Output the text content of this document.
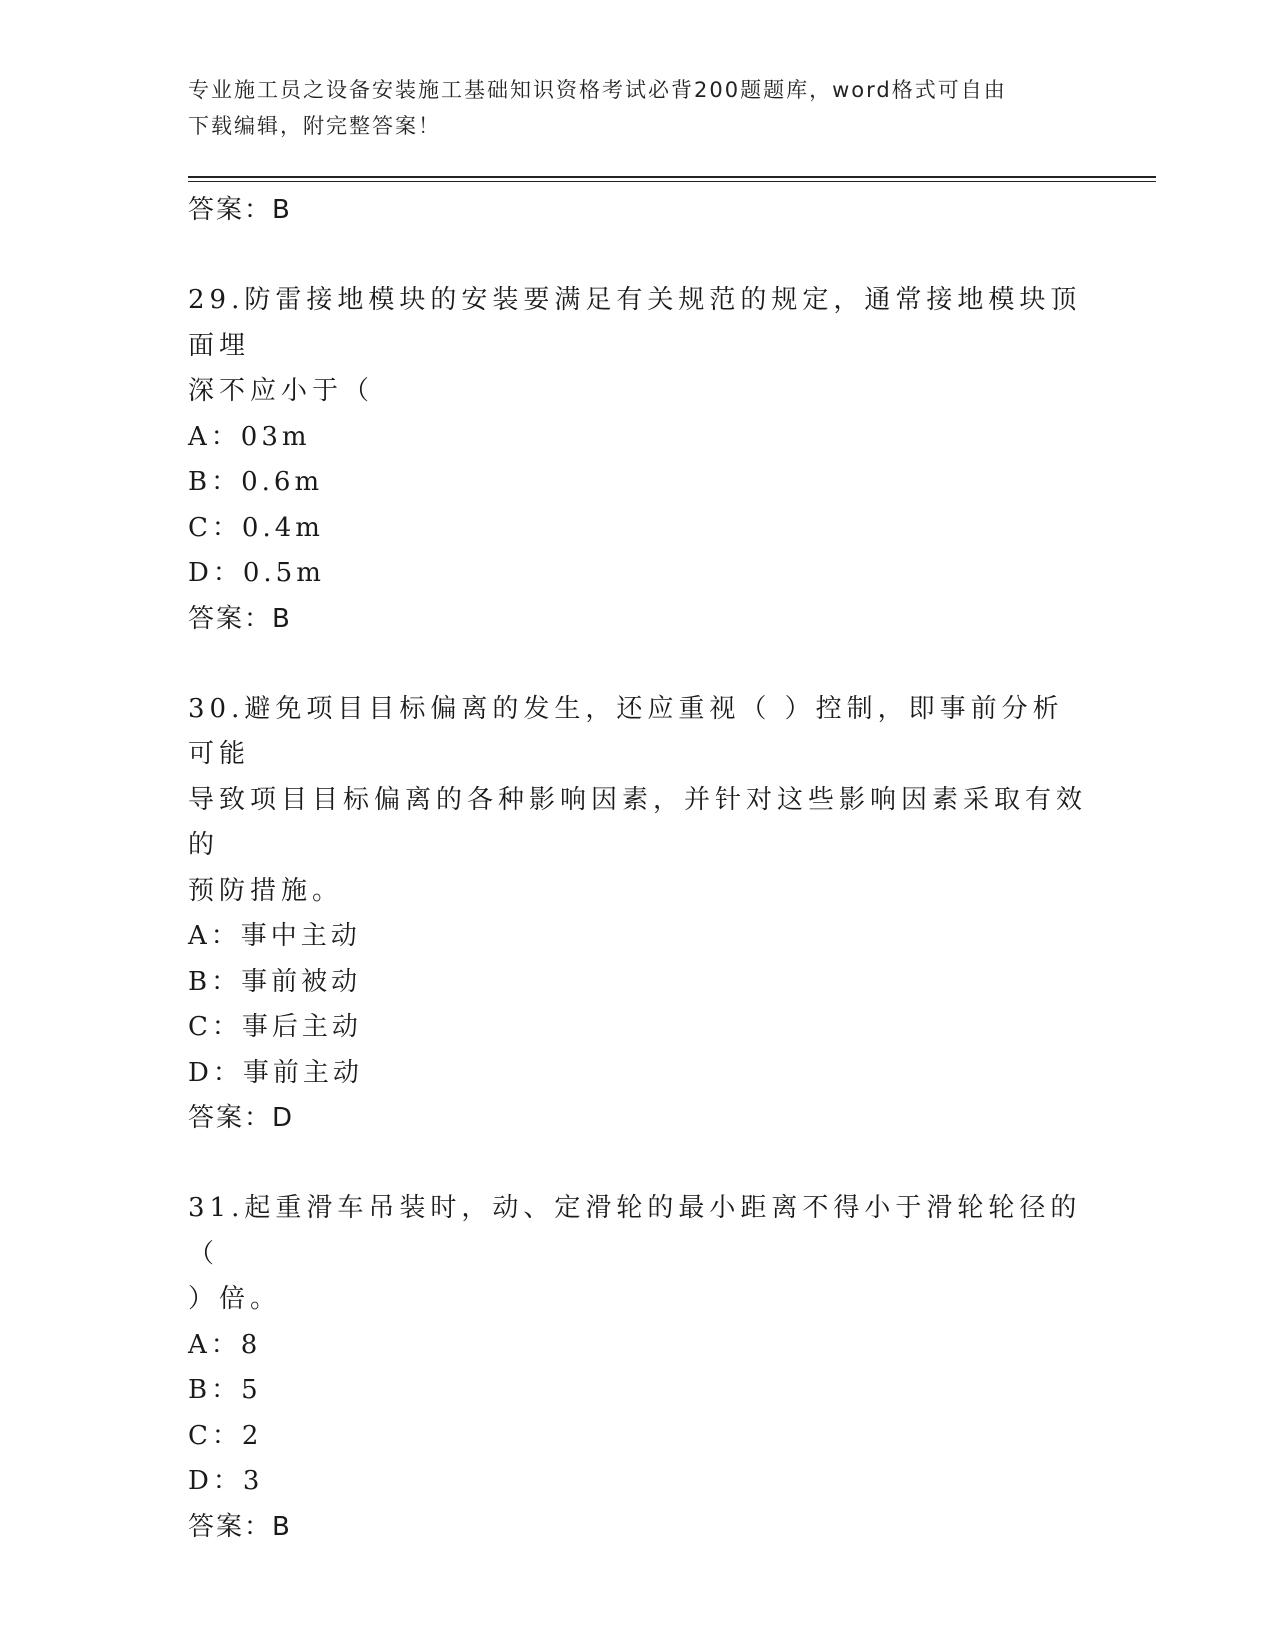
专业施工员之设备安装施工基础知识资格考试必背200题题库，word格式可自由
下载编辑，附完整答案！
答案：B
29.防雷接地模块的安装要满足有关规范的规定，通常接地模块顶面埋
深不应小于（
A：03m
B：0.6m
C：0.4m
D：0.5m
答案：B
30.避免项目目标偏离的发生，还应重视（ ）控制，即事前分析可能
导致项目目标偏离的各种影响因素，并针对这些影响因素采取有效的
预防措施。
A：事中主动
B：事前被动
C：事后主动
D：事前主动
答案：D
31.起重滑车吊装时，动、定滑轮的最小距离不得小于滑轮轮径的（
）倍。
A：8
B：5
C：2
D：3
答案：B
